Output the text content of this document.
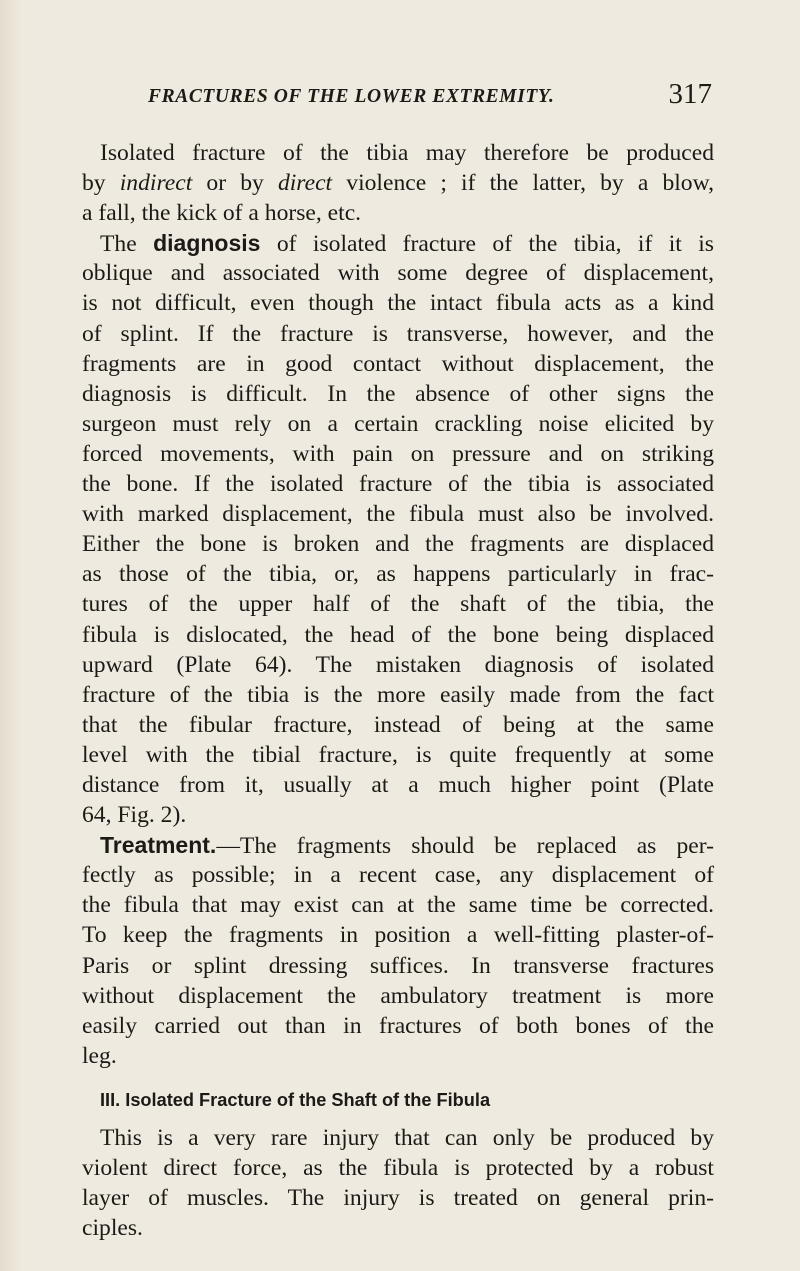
FRACTURES OF THE LOWER EXTREMITY.	317
Isolated fracture of the tibia may therefore be produced
by indirect or by direct violence ; if the latter, by a blow,
a fall, the kick of a horse, etc.
The diagnosis of isolated fracture of the tibia, if it is
oblique and associated with some degree of displacement,
is not difficult, even though the intact fibula acts as a kind
of splint. If the fracture is transverse, however, and the
fragments are in good contact without displacement, the
diagnosis is difficult. In the absence of other signs the
surgeon must rely on a certain crackling noise elicited by
forced movements, with pain on pressure and on striking
the bone. If the isolated fracture of the tibia is associated
with marked displacement, the fibula must also be involved.
Either the bone is broken and the fragments are displaced
as those of the tibia, or, as happens particularly in frac-
tures of the upper half of the shaft of the tibia, the
fibula is dislocated, the head of the bone being displaced
upward (Plate 64). The mistaken diagnosis of isolated
fracture of the tibia is the more easily made from the fact
that the fibular fracture, instead of being at the same
level with the tibial fracture, is quite frequently at some
distance from it, usually at a much higher point (Plate
64, Fig. 2).
Treatment.—The fragments should be replaced as per-
fectly as possible; in a recent case, any displacement of
the fibula that may exist can at the same time be corrected.
To keep the fragments in position a well-fitting plaster-of-
Paris or splint dressing suffices. In transverse fractures
without displacement the ambulatory treatment is more
easily carried out than in fractures of both bones of the
leg.
III. Isolated Fracture of the Shaft of the Fibula
This is a very rare injury that can only be produced by
violent direct force, as the fibula is protected by a robust
layer of muscles. The injury is treated on general prin-
ciples.
